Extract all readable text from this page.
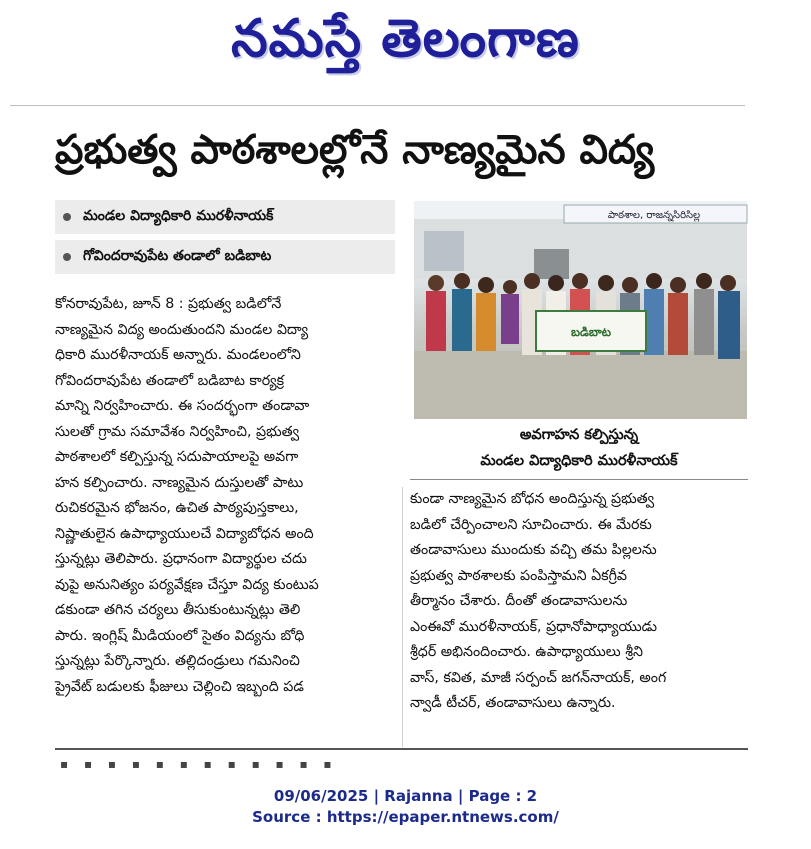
నమస్తే తెలంగాణ
ప్రభుత్వ పాఠశాలల్లోనే నాణ్యమైన విద్య
మండల విద్యాధికారి మురళీనాయక్
గోవిందరావుపేట తండాలో బడిబాట
కోనరావుపేట, జూన్ 8 : ప్రభుత్వ బడిలోనే
నాణ్యమైన విద్య అందుతుందని మండల విద్యా
ధికారి మురళీనాయక్ అన్నారు. మండలంలోని
గోవిందరావుపేట తండాలో బడిబాట కార్యక్ర
మాన్ని నిర్వహించారు. ఈ సందర్భంగా తండావా
సులతో గ్రామ సమావేశం నిర్వహించి, ప్రభుత్వ
పాఠశాలలో కల్పిస్తున్న సదుపాయాలపై అవగా
హన కల్పించారు. నాణ్యమైన దుస్తులతో పాటు
రుచికరమైన భోజనం, ఉచిత పాఠ్యపుస్తకాలు,
నిష్ణాతులైన ఉపాధ్యాయులచే విద్యాబోధన అంది
స్తున్నట్లు తెలిపారు. ప్రధానంగా విద్యార్థుల చదు
వుపై అనునిత్యం పర్యవేక్షణ చేస్తూ విద్య కుంటుప
డకుండా తగిన చర్యలు తీసుకుంటున్నట్లు తెలి
పారు. ఇంగ్లిష్ మీడియంలో సైతం విద్యను బోధి
స్తున్నట్లు పేర్కొన్నారు. తల్లిదండ్రులు గమనించి
ప్రైవేట్ బడులకు ఫీజులు చెల్లించి ఇబ్బంది పడ
పాఠశాల, రాజన్నసిరిసిల్ల
బడిబాట
అవగాహన కల్పిస్తున్న
మండల విద్యాధికారి మురళీనాయక్
కుండా నాణ్యమైన బోధన అందిస్తున్న ప్రభుత్వ
బడిలో చేర్పించాలని సూచించారు. ఈ మేరకు
తండావాసులు ముందుకు వచ్చి తమ పిల్లలను
ప్రభుత్వ పాఠశాలకు పంపిస్తామని ఏకగ్రీవ
తీర్మానం చేశారు. దీంతో తండావాసులను
ఎంఈవో మురళీనాయక్, ప్రధానోపాధ్యాయుడు
శ్రీధర్ అభినందించారు. ఉపాధ్యాయులు శ్రీని
వాస్, కవిత, మాజీ సర్పంచ్ జగన్‌నాయక్, అంగ
న్వాడీ టీచర్, తండావాసులు ఉన్నారు.
▪ ▪ ▪ ▪ ▪ ▪ ▪ ▪ ▪ ▪ ▪ ▪
09/06/2025 | Rajanna | Page : 2
Source : https://epaper.ntnews.com/
